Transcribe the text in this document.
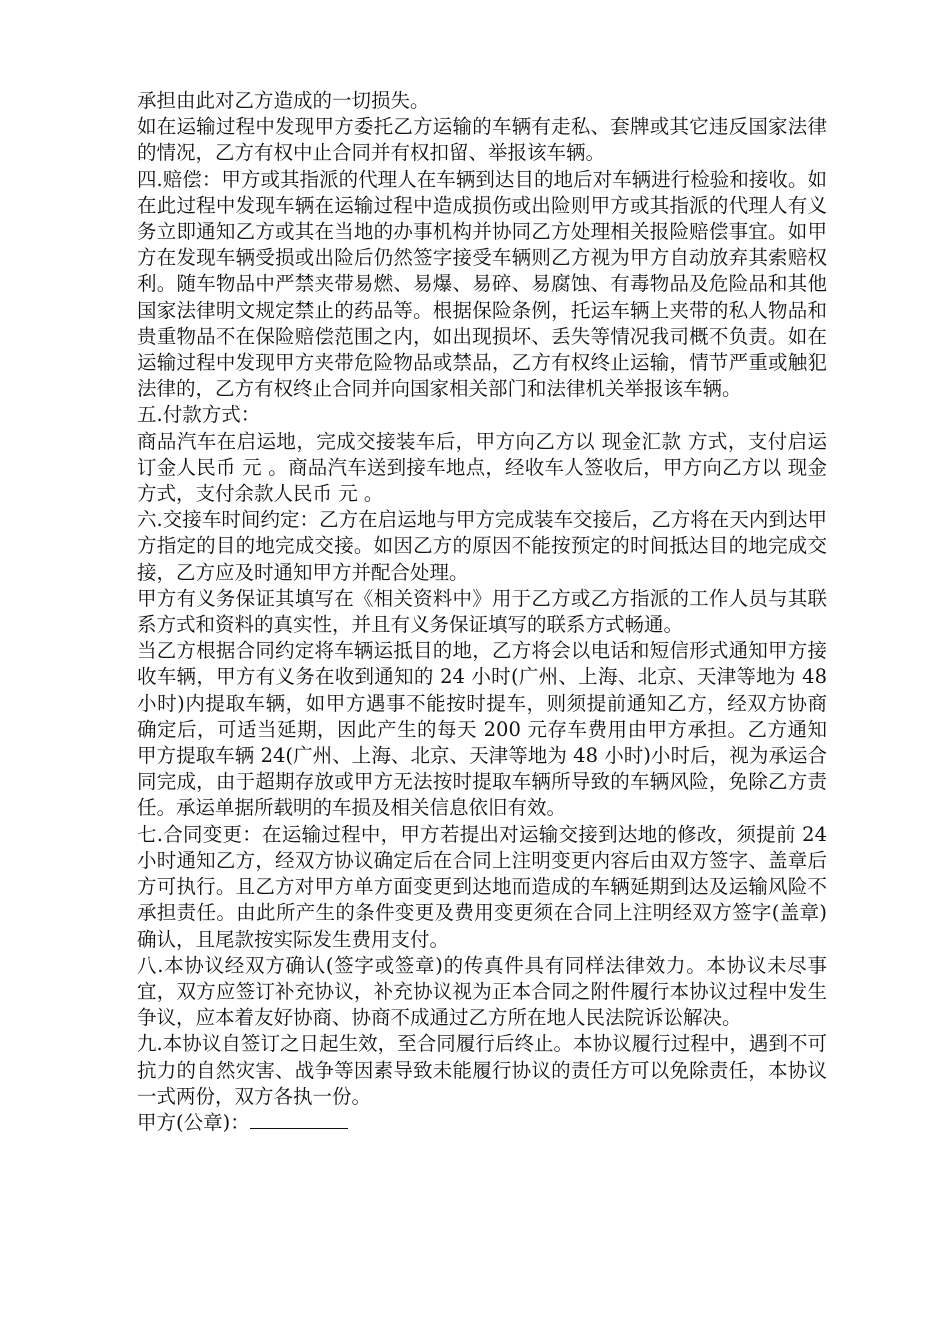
承担由此对乙方造成的一切损失。

如在运输过程中发现甲方委托乙方运输的车辆有走私、套牌或其它违反国家法律的情况，乙方有权中止合同并有权扣留、举报该车辆。

四.赔偿：甲方或其指派的代理人在车辆到达目的地后对车辆进行检验和接收。如在此过程中发现车辆在运输过程中造成损伤或出险则甲方或其指派的代理人有义务立即通知乙方或其在当地的办事机构并协同乙方处理相关报险赔偿事宜。如甲方在发现车辆受损或出险后仍然签字接受车辆则乙方视为甲方自动放弃其索赔权利。随车物品中严禁夹带易燃、易爆、易碎、易腐蚀、有毒物品及危险品和其他国家法律明文规定禁止的药品等。根据保险条例，托运车辆上夹带的私人物品和贵重物品不在保险赔偿范围之内，如出现损坏、丢失等情况我司概不负责。如在运输过程中发现甲方夹带危险物品或禁品，乙方有权终止运输，情节严重或触犯法律的，乙方有权终止合同并向国家相关部门和法律机关举报该车辆。

五.付款方式：

商品汽车在启运地，完成交接装车后，甲方向乙方以 现金汇款 方式，支付启运订金人民币 元 。商品汽车送到接车地点，经收车人签收后，甲方向乙方以 现金方式，支付余款人民币 元 。

六.交接车时间约定：乙方在启运地与甲方完成装车交接后，乙方将在天内到达甲方指定的目的地完成交接。如因乙方的原因不能按预定的时间抵达目的地完成交接，乙方应及时通知甲方并配合处理。

甲方有义务保证其填写在《相关资料中》用于乙方或乙方指派的工作人员与其联系方式和资料的真实性，并且有义务保证填写的联系方式畅通。

当乙方根据合同约定将车辆运抵目的地，乙方将会以电话和短信形式通知甲方接收车辆，甲方有义务在收到通知的 24 小时(广州、上海、北京、天津等地为 48 小时)内提取车辆，如甲方遇事不能按时提车，则须提前通知乙方，经双方协商确定后，可适当延期，因此产生的每天 200 元存车费用由甲方承担。乙方通知甲方提取车辆 24(广州、上海、北京、天津等地为 48 小时)小时后，视为承运合同完成，由于超期存放或甲方无法按时提取车辆所导致的车辆风险，免除乙方责任。承运单据所载明的车损及相关信息依旧有效。

七.合同变更：在运输过程中，甲方若提出对运输交接到达地的修改，须提前 24 小时通知乙方，经双方协议确定后在合同上注明变更内容后由双方签字、盖章后方可执行。且乙方对甲方单方面变更到达地而造成的车辆延期到达及运输风险不承担责任。由此所产生的条件变更及费用变更须在合同上注明经双方签字(盖章)确认，且尾款按实际发生费用支付。

八.本协议经双方确认(签字或签章)的传真件具有同样法律效力。本协议未尽事宜，双方应签订补充协议，补充协议视为正本合同之附件履行本协议过程中发生争议，应本着友好协商、协商不成通过乙方所在地人民法院诉讼解决。

九.本协议自签订之日起生效，至合同履行后终止。本协议履行过程中，遇到不可抗力的自然灾害、战争等因素导致未能履行协议的责任方可以免除责任，本协议一式两份，双方各执一份。

甲方(公章)：
